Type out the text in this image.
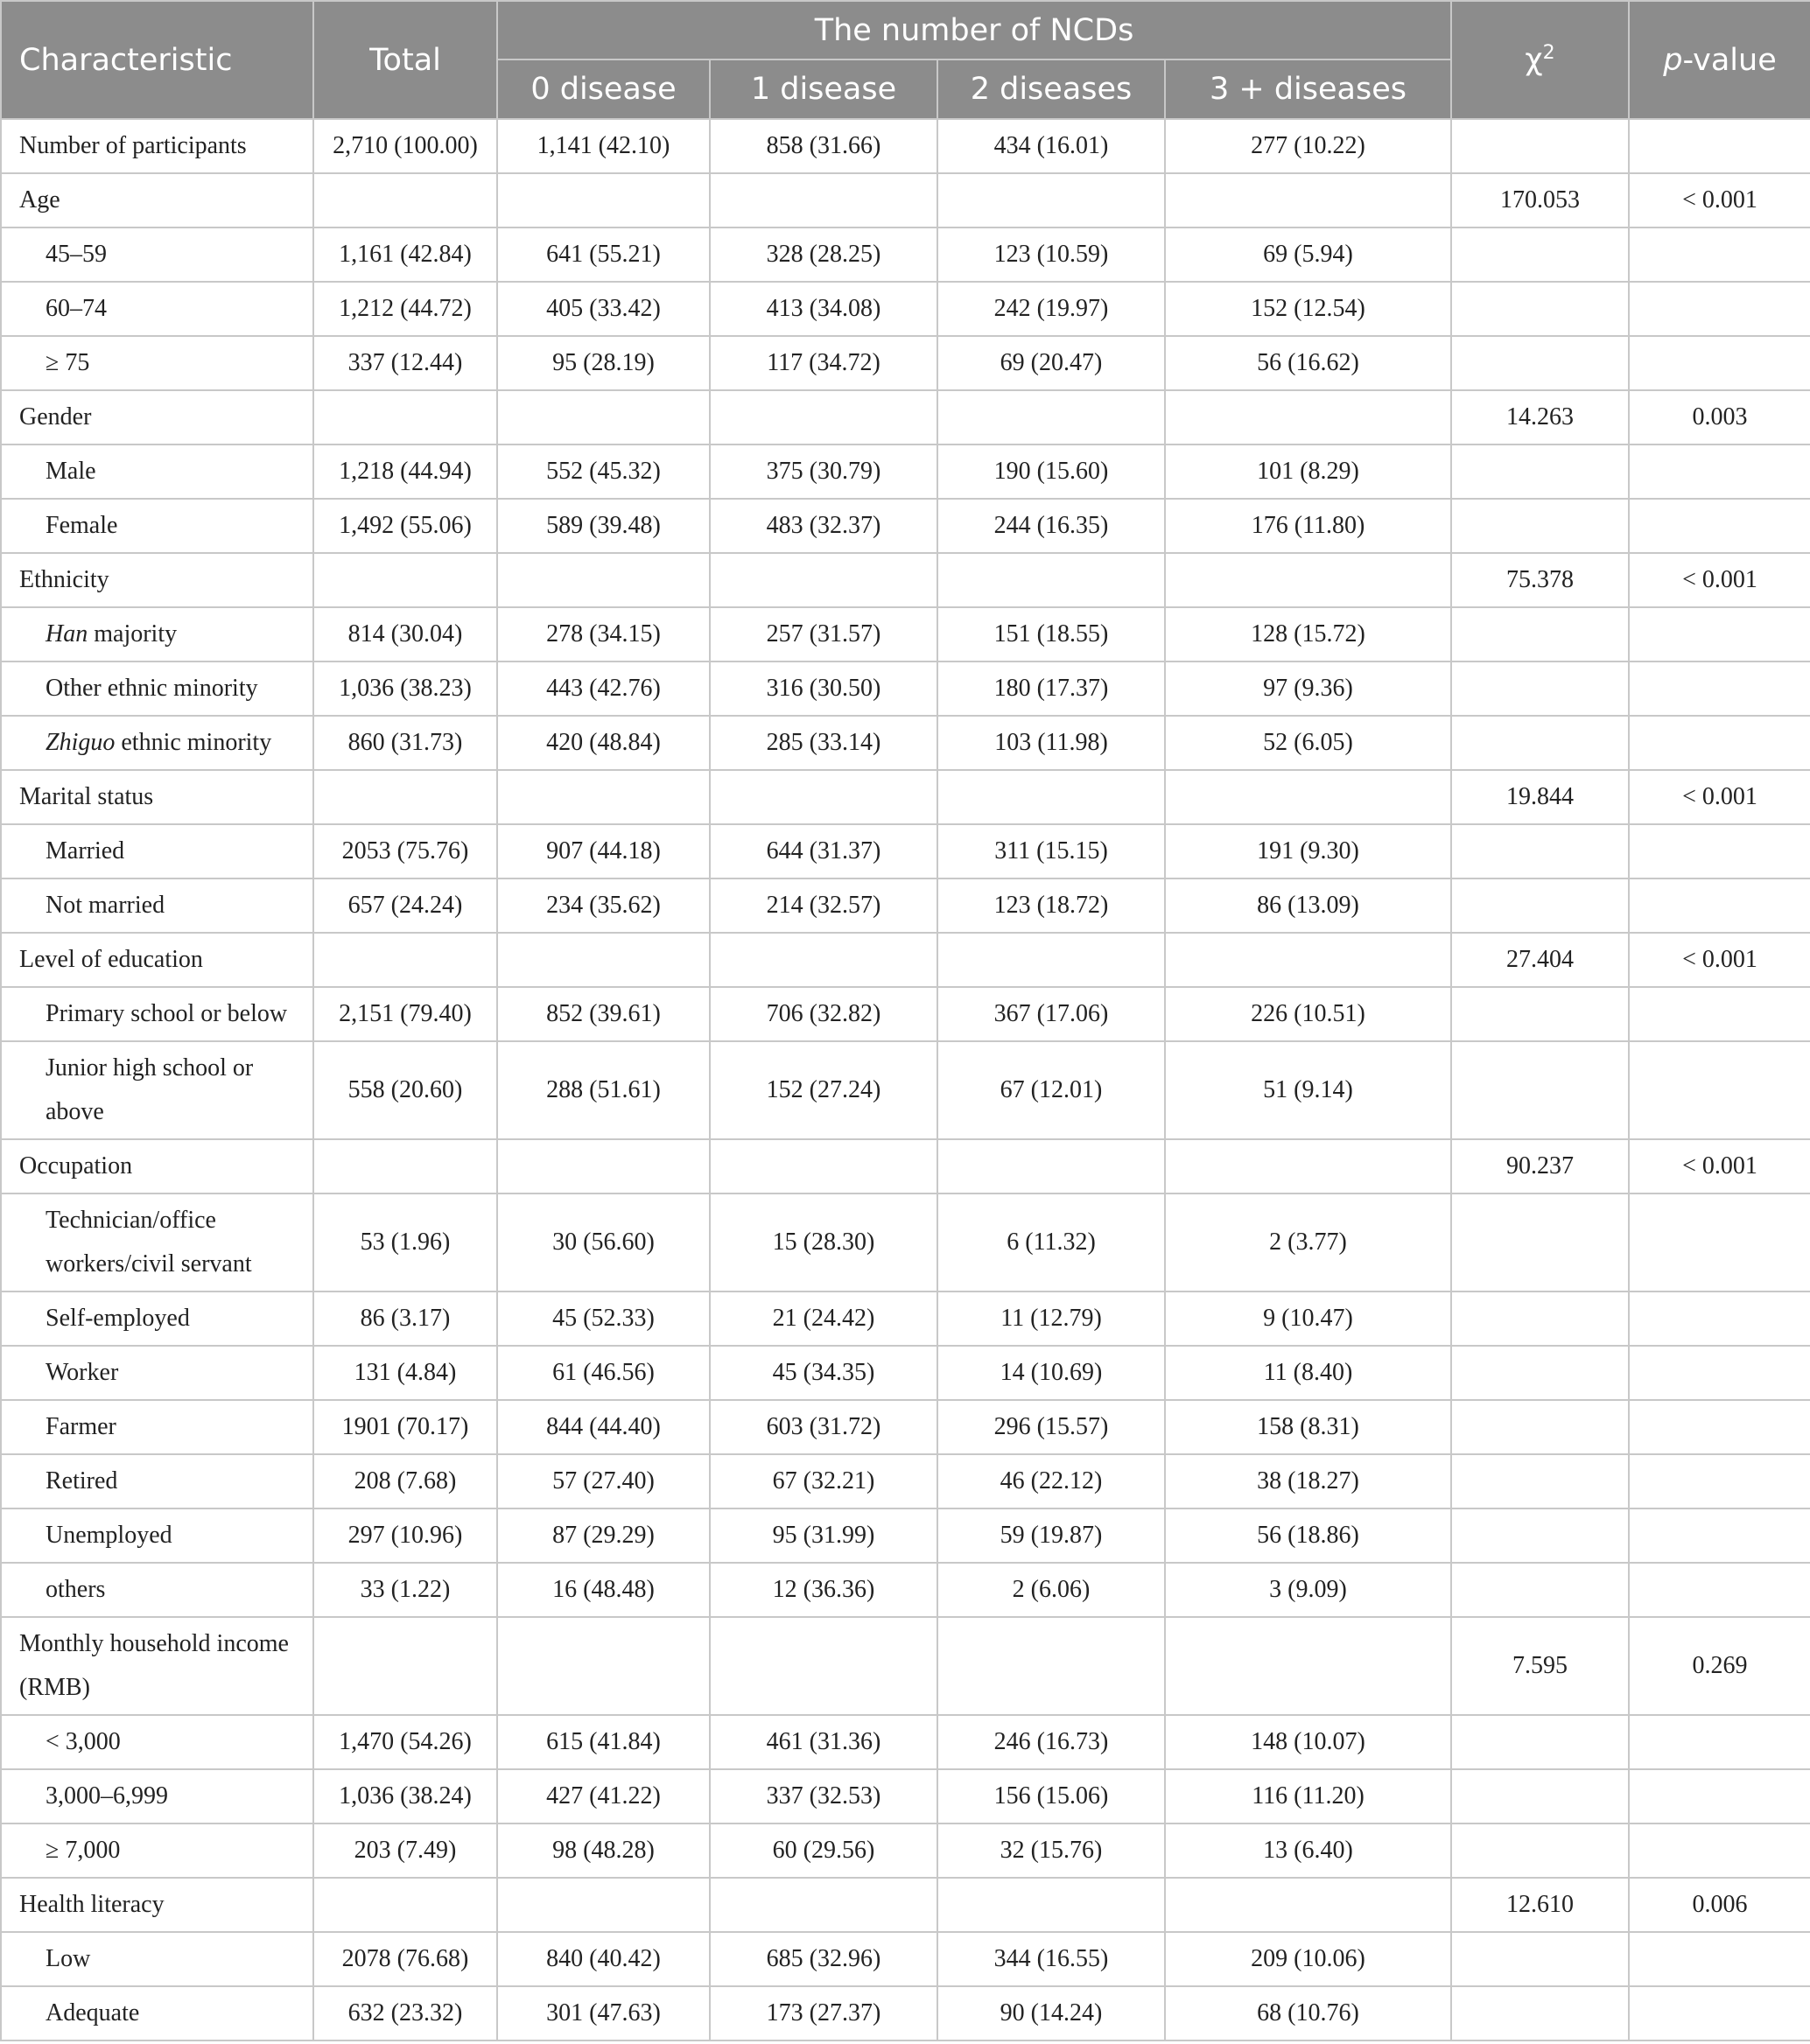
Characteristic	Total	The number of NCDs				$\chi^2$	p-value
		0 disease	1 disease	2 diseases	3 + diseases		
Number of participants	2,710 (100.00)	1,141 (42.10)	858 (31.66)	434 (16.01)	277 (10.22)		
Age						170.053	< 0.001
45–59	1,161 (42.84)	641 (55.21)	328 (28.25)	123 (10.59)	69 (5.94)		
60–74	1,212 (44.72)	405 (33.42)	413 (34.08)	242 (19.97)	152 (12.54)		
≥ 75	337 (12.44)	95 (28.19)	117 (34.72)	69 (20.47)	56 (16.62)		
Gender						14.263	0.003
Male	1,218 (44.94)	552 (45.32)	375 (30.79)	190 (15.60)	101 (8.29)		
Female	1,492 (55.06)	589 (39.48)	483 (32.37)	244 (16.35)	176 (11.80)		
Ethnicity						75.378	< 0.001
Han majority	814 (30.04)	278 (34.15)	257 (31.57)	151 (18.55)	128 (15.72)		
Other ethnic minority	1,036 (38.23)	443 (42.76)	316 (30.50)	180 (17.37)	97 (9.36)		
Zhiguo ethnic minority	860 (31.73)	420 (48.84)	285 (33.14)	103 (11.98)	52 (6.05)		
Marital status						19.844	< 0.001
Married	2053 (75.76)	907 (44.18)	644 (31.37)	311 (15.15)	191 (9.30)		
Not married	657 (24.24)	234 (35.62)	214 (32.57)	123 (18.72)	86 (13.09)		
Level of education						27.404	< 0.001
Primary school or below	2,151 (79.40)	852 (39.61)	706 (32.82)	367 (17.06)	226 (10.51)		
Junior high school or above	558 (20.60)	288 (51.61)	152 (27.24)	67 (12.01)	51 (9.14)		
Occupation						90.237	< 0.001
Technician/office workers/civil servant	53 (1.96)	30 (56.60)	15 (28.30)	6 (11.32)	2 (3.77)		
Self-employed	86 (3.17)	45 (52.33)	21 (24.42)	11 (12.79)	9 (10.47)		
Worker	131 (4.84)	61 (46.56)	45 (34.35)	14 (10.69)	11 (8.40)		
Farmer	1901 (70.17)	844 (44.40)	603 (31.72)	296 (15.57)	158 (8.31)		
Retired	208 (7.68)	57 (27.40)	67 (32.21)	46 (22.12)	38 (18.27)		
Unemployed	297 (10.96)	87 (29.29)	95 (31.99)	59 (19.87)	56 (18.86)		
others	33 (1.22)	16 (48.48)	12 (36.36)	2 (6.06)	3 (9.09)		
Monthly household income (RMB)						7.595	0.269
< 3,000	1,470 (54.26)	615 (41.84)	461 (31.36)	246 (16.73)	148 (10.07)		
3,000–6,999	1,036 (38.24)	427 (41.22)	337 (32.53)	156 (15.06)	116 (11.20)		
≥ 7,000	203 (7.49)	98 (48.28)	60 (29.56)	32 (15.76)	13 (6.40)		
Health literacy						12.610	0.006
Low	2078 (76.68)	840 (40.42)	685 (32.96)	344 (16.55)	209 (10.06)		
Adequate	632 (23.32)	301 (47.63)	173 (27.37)	90 (14.24)	68 (10.76)		
